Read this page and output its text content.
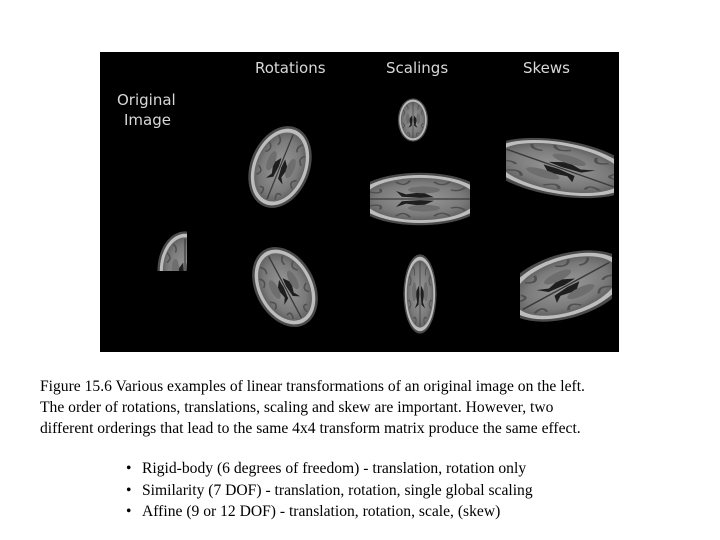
Rotations	Scalings	Skews
Original
Image

Figure 15.6 Various examples of linear transformations of an original image on the left.

The order of rotations, translations, scaling and skew are important. However, two

different orderings that lead to the same 4x4 transform matrix produce the same effect.

• Rigid-body (6 degrees of freedom) - translation, rotation only
• Similarity (7 DOF) - translation, rotation, single global scaling
• Affine (9 or 12 DOF) - translation, rotation, scale, (skew)
